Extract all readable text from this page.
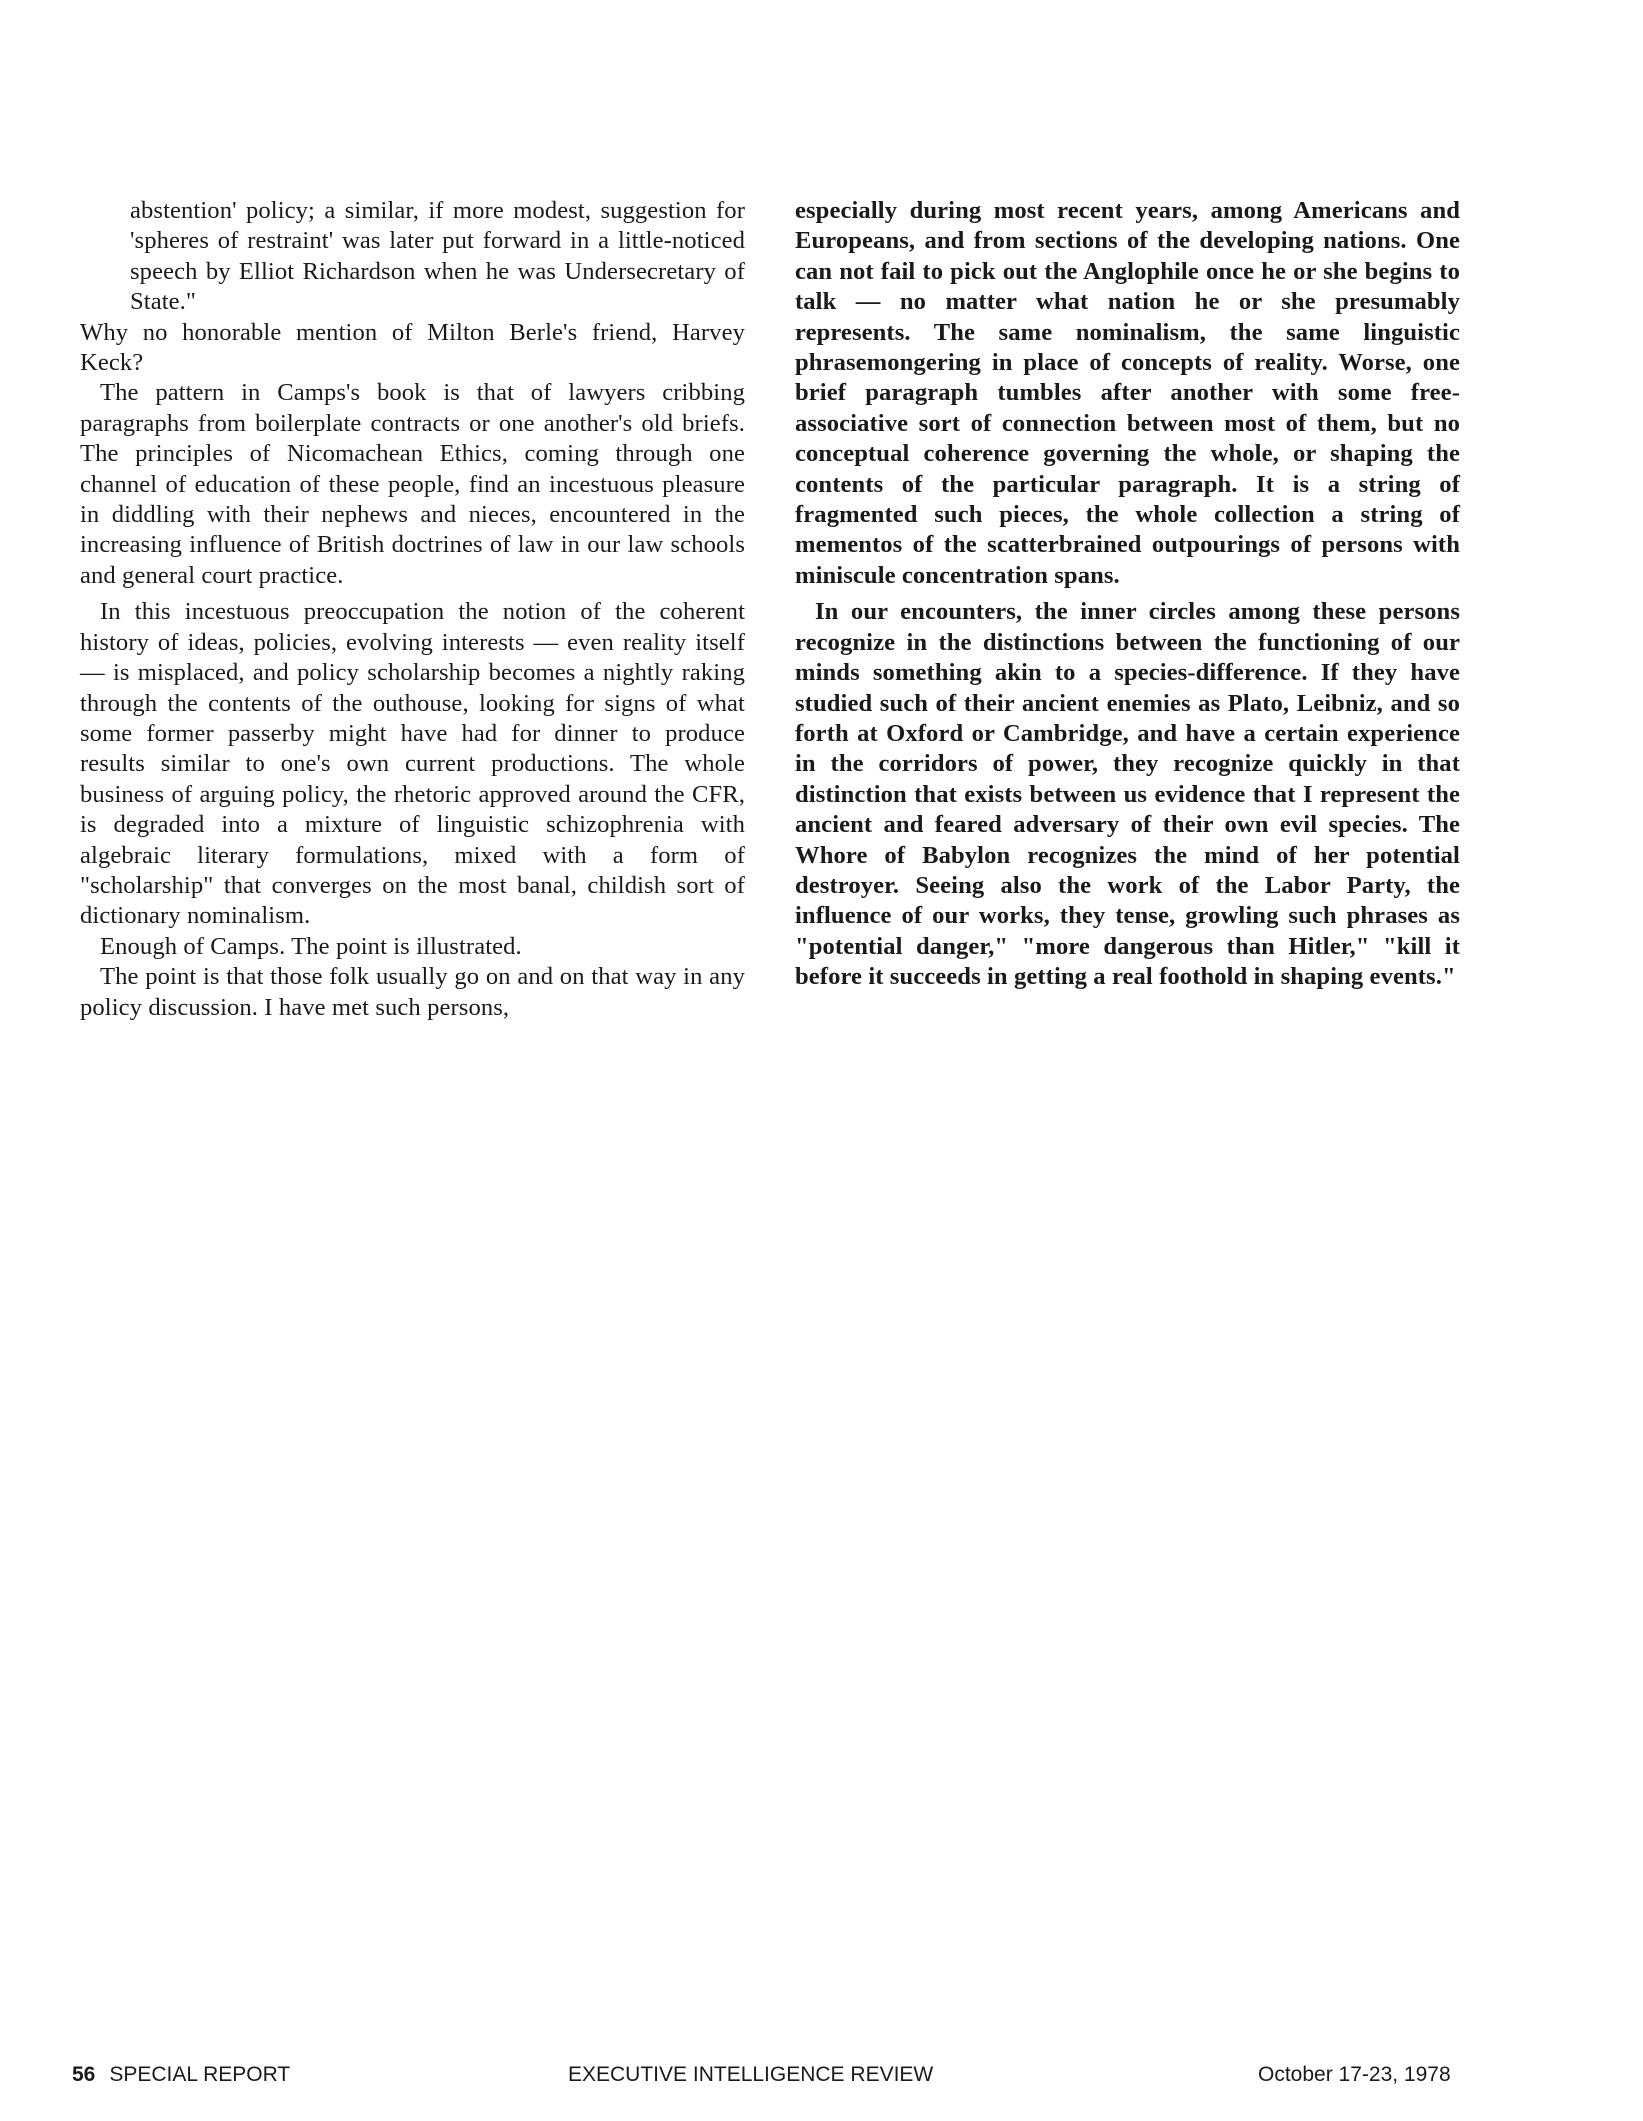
abstention' policy; a similar, if more modest, suggestion for 'spheres of restraint' was later put forward in a little-noticed speech by Elliot Richardson when he was Undersecretary of State."

Why no honorable mention of Milton Berle's friend, Harvey Keck?

The pattern in Camps's book is that of lawyers cribbing paragraphs from boilerplate contracts or one another's old briefs. The principles of Nicomachean Ethics, coming through one channel of education of these people, find an incestuous pleasure in diddling with their nephews and nieces, encountered in the increasing influence of British doctrines of law in our law schools and general court practice.

In this incestuous preoccupation the notion of the coherent history of ideas, policies, evolving interests — even reality itself — is misplaced, and policy scholarship becomes a nightly raking through the contents of the outhouse, looking for signs of what some former passerby might have had for dinner to produce results similar to one's own current productions. The whole business of arguing policy, the rhetoric approved around the CFR, is degraded into a mixture of linguistic schizophrenia with algebraic literary formulations, mixed with a form of "scholarship" that converges on the most banal, childish sort of dictionary nominalism.

Enough of Camps. The point is illustrated.

The point is that those folk usually go on and on that way in any policy discussion. I have met such persons,

especially during most recent years, among Americans and Europeans, and from sections of the developing nations. One can not fail to pick out the Anglophile once he or she begins to talk — no matter what nation he or she presumably represents. The same nominalism, the same linguistic phrasemongering in place of concepts of reality. Worse, one brief paragraph tumbles after another with some free-associative sort of connection between most of them, but no conceptual coherence governing the whole, or shaping the contents of the particular paragraph. It is a string of fragmented such pieces, the whole collection a string of mementos of the scatterbrained outpourings of persons with miniscule concentration spans.

In our encounters, the inner circles among these persons recognize in the distinctions between the functioning of our minds something akin to a species-difference. If they have studied such of their ancient enemies as Plato, Leibniz, and so forth at Oxford or Cambridge, and have a certain experience in the corridors of power, they recognize quickly in that distinction that exists between us evidence that I represent the ancient and feared adversary of their own evil species. The Whore of Babylon recognizes the mind of her potential destroyer. Seeing also the work of the Labor Party, the influence of our works, they tense, growling such phrases as "potential danger," "more dangerous than Hitler," "kill it before it succeeds in getting a real foothold in shaping events."

56 SPECIAL REPORT	EXECUTIVE INTELLIGENCE REVIEW	October 17-23, 1978
